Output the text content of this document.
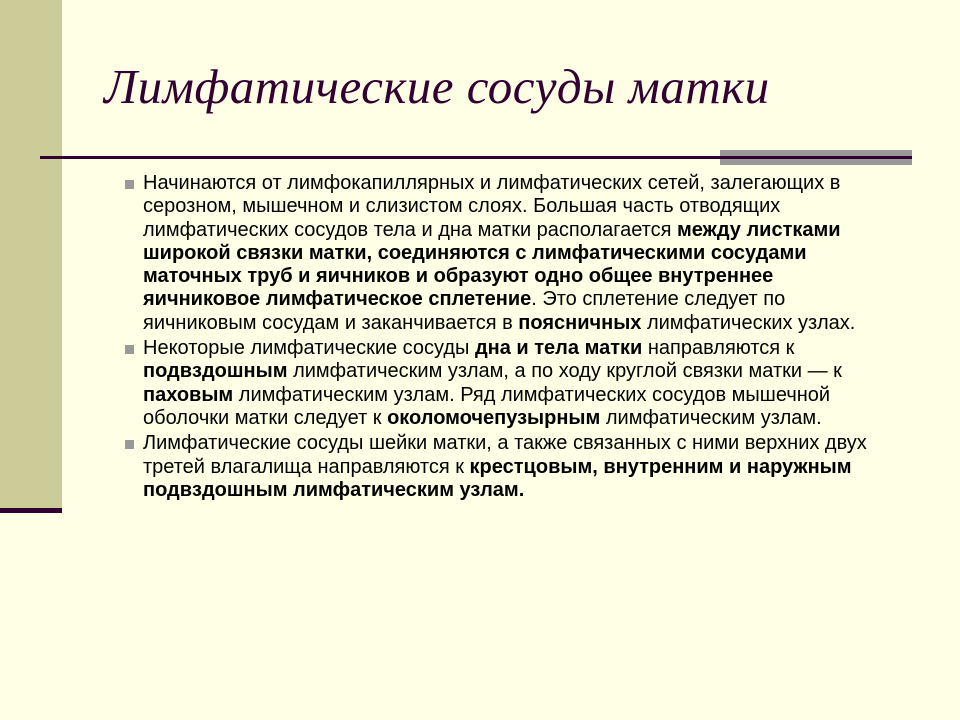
Лимфатические сосуды матки
Начинаются от лимфокапиллярных и лимфатических сетей, залегающих в серозном, мышечном и слизистом слоях. Большая часть отводящих лимфатических сосудов тела и дна матки располагается между листками широкой связки матки, соединяются с лимфатическими сосудами маточных труб и яичников и образуют одно общее внутреннее яичниковое лимфатическое сплетение. Это сплетение следует по яичниковым сосудам и заканчивается в поясничных лимфатических узлах.
Некоторые лимфатические сосуды дна и тела матки направляются к подвздошным лимфатическим узлам, а по ходу круглой связки матки — к паховым лимфатическим узлам. Ряд лимфатических сосудов мышечной оболочки матки следует к околомочепузырным лимфатическим узлам.
Лимфатические сосуды шейки матки, а также связанных с ними верхних двух третей влагалища направляются к крестцовым, внутренним и наружным подвздошным лимфатическим узлам.
